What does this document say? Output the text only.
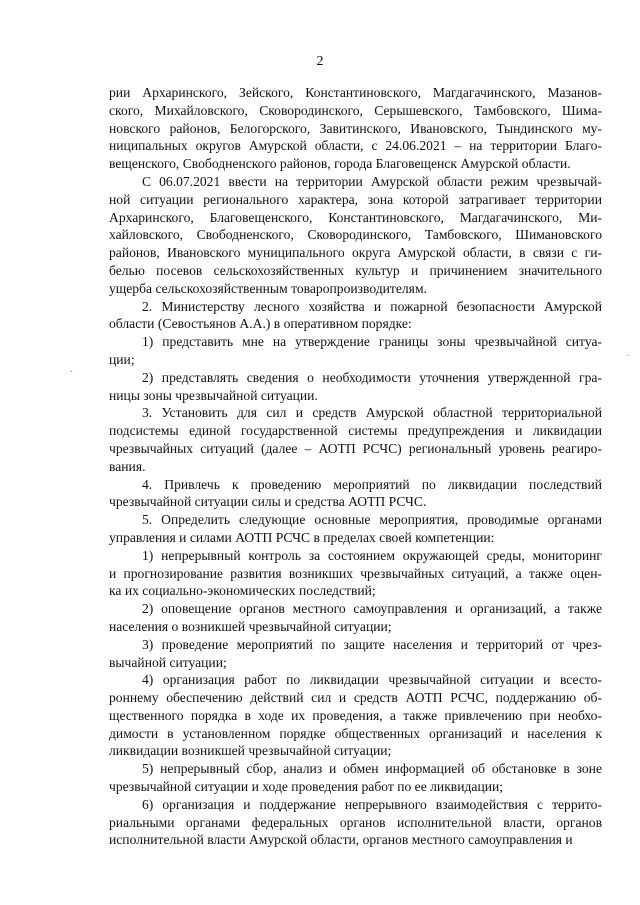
2
рии Архаринского, Зейского, Константиновского, Магдагачинского, Мазанов-
ского, Михайловского, Сковородинского, Серышевского, Тамбовского, Шима-
новского районов, Белогорского, Завитинского, Ивановского, Тындинского му-
ниципальных округов Амурской области, с 24.06.2021 – на территории Благо-
вещенского, Свободненского районов, города Благовещенск Амурской области.
С 06.07.2021 ввести на территории Амурской области режим чрезвычай-
ной ситуации регионального характера, зона которой затрагивает территории
Архаринского, Благовещенского, Константиновского, Магдагачинского, Ми-
хайловского, Свободненского, Сковородинского, Тамбовского, Шимановского
районов, Ивановского муниципального округа Амурской области, в связи с ги-
белью посевов сельскохозяйственных культур и причинением значительного
ущерба сельскохозяйственным товаропроизводителям.
2. Министерству лесного хозяйства и пожарной безопасности Амурской
области (Севостьянов А.А.) в оперативном порядке:
1) представить мне на утверждение границы зоны чрезвычайной ситуа-
ции;
2) представлять сведения о необходимости уточнения утвержденной гра-
ницы зоны чрезвычайной ситуации.
3. Установить для сил и средств Амурской областной территориальной
подсистемы единой государственной системы предупреждения и ликвидации
чрезвычайных ситуаций (далее – АОТП РСЧС) региональный уровень реагиро-
вания.
4. Привлечь к проведению мероприятий по ликвидации последствий
чрезвычайной ситуации силы и средства АОТП РСЧС.
5. Определить следующие основные мероприятия, проводимые органами
управления и силами АОТП РСЧС в пределах своей компетенции:
1) непрерывный контроль за состоянием окружающей среды, мониторинг
и прогнозирование развития возникших чрезвычайных ситуаций, а также оцен-
ка их социально-экономических последствий;
2) оповещение органов местного самоуправления и организаций, а также
населения о возникшей чрезвычайной ситуации;
3) проведение мероприятий по защите населения и территорий от чрез-
вычайной ситуации;
4) организация работ по ликвидации чрезвычайной ситуации и всесто-
роннему обеспечению действий сил и средств АОТП РСЧС, поддержанию об-
щественного порядка в ходе их проведения, а также привлечению при необхо-
димости в установленном порядке общественных организаций и населения к
ликвидации возникшей чрезвычайной ситуации;
5) непрерывный сбор, анализ и обмен информацией об обстановке в зоне
чрезвычайной ситуации и ходе проведения работ по ее ликвидации;
6) организация и поддержание непрерывного взаимодействия с террито-
риальными органами федеральных органов исполнительной власти, органов
исполнительной власти Амурской области, органов местного самоуправления и
·
·
